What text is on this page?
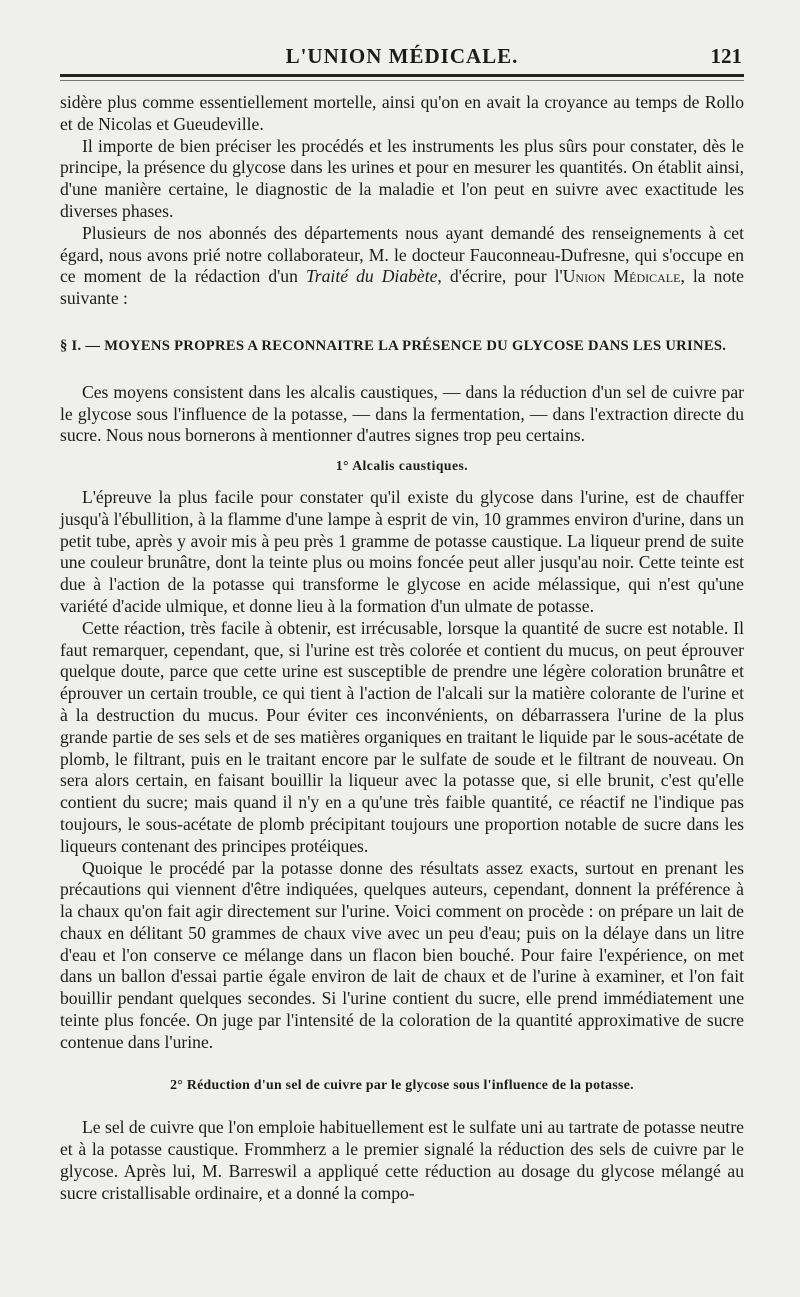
L'UNION MÉDICALE.	121

sidère plus comme essentiellement mortelle, ainsi qu'on en avait la croyance au temps de Rollo et de Nicolas et Gueudeville.

Il importe de bien préciser les procédés et les instruments les plus sûrs pour constater, dès le principe, la présence du glycose dans les urines et pour en mesurer les quantités. On établit ainsi, d'une manière certaine, le diagnostic de la maladie et l'on peut en suivre avec exactitude les diverses phases.

Plusieurs de nos abonnés des départements nous ayant demandé des renseignements à cet égard, nous avons prié notre collaborateur, M. le docteur Fauconneau-Dufresne, qui s'occupe en ce moment de la rédaction d'un Traité du Diabète, d'écrire, pour l'Union Médicale, la note suivante :

§ I. — MOYENS PROPRES A RECONNAITRE LA PRÉSENCE DU GLYCOSE DANS LES URINES.

Ces moyens consistent dans les alcalis caustiques, — dans la réduction d'un sel de cuivre par le glycose sous l'influence de la potasse, — dans la fermentation, — dans l'extraction directe du sucre. Nous nous bornerons à mentionner d'autres signes trop peu certains.

1° Alcalis caustiques.

L'épreuve la plus facile pour constater qu'il existe du glycose dans l'urine, est de chauffer jusqu'à l'ébullition, à la flamme d'une lampe à esprit de vin, 10 grammes environ d'urine, dans un petit tube, après y avoir mis à peu près 1 gramme de potasse caustique. La liqueur prend de suite une couleur brunâtre, dont la teinte plus ou moins foncée peut aller jusqu'au noir. Cette teinte est due à l'action de la potasse qui transforme le glycose en acide mélassique, qui n'est qu'une variété d'acide ulmique, et donne lieu à la formation d'un ulmate de potasse.

Cette réaction, très facile à obtenir, est irrécusable, lorsque la quantité de sucre est notable. Il faut remarquer, cependant, que, si l'urine est très colorée et contient du mucus, on peut éprouver quelque doute, parce que cette urine est susceptible de prendre une légère coloration brunâtre et éprouver un certain trouble, ce qui tient à l'action de l'alcali sur la matière colorante de l'urine et à la destruction du mucus. Pour éviter ces inconvénients, on débarrassera l'urine de la plus grande partie de ses sels et de ses matières organiques en traitant le liquide par le sous-acétate de plomb, le filtrant, puis en le traitant encore par le sulfate de soude et le filtrant de nouveau. On sera alors certain, en faisant bouillir la liqueur avec la potasse que, si elle brunit, c'est qu'elle contient du sucre; mais quand il n'y en a qu'une très faible quantité, ce réactif ne l'indique pas toujours, le sous-acétate de plomb précipitant toujours une proportion notable de sucre dans les liqueurs contenant des principes protéiques.

Quoique le procédé par la potasse donne des résultats assez exacts, surtout en prenant les précautions qui viennent d'être indiquées, quelques auteurs, cependant, donnent la préférence à la chaux qu'on fait agir directement sur l'urine. Voici comment on procède : on prépare un lait de chaux en délitant 50 grammes de chaux vive avec un peu d'eau; puis on la délaye dans un litre d'eau et l'on conserve ce mélange dans un flacon bien bouché. Pour faire l'expérience, on met dans un ballon d'essai partie égale environ de lait de chaux et de l'urine à examiner, et l'on fait bouillir pendant quelques secondes. Si l'urine contient du sucre, elle prend immédiatement une teinte plus foncée. On juge par l'intensité de la coloration de la quantité approximative de sucre contenue dans l'urine.

2° Réduction d'un sel de cuivre par le glycose sous l'influence de la potasse.

Le sel de cuivre que l'on emploie habituellement est le sulfate uni au tartrate de potasse neutre et à la potasse caustique. Frommherz a le premier signalé la réduction des sels de cuivre par le glycose. Après lui, M. Barreswil a appliqué cette réduction au dosage du glycose mélangé au sucre cristallisable ordinaire, et a donné la compo-
